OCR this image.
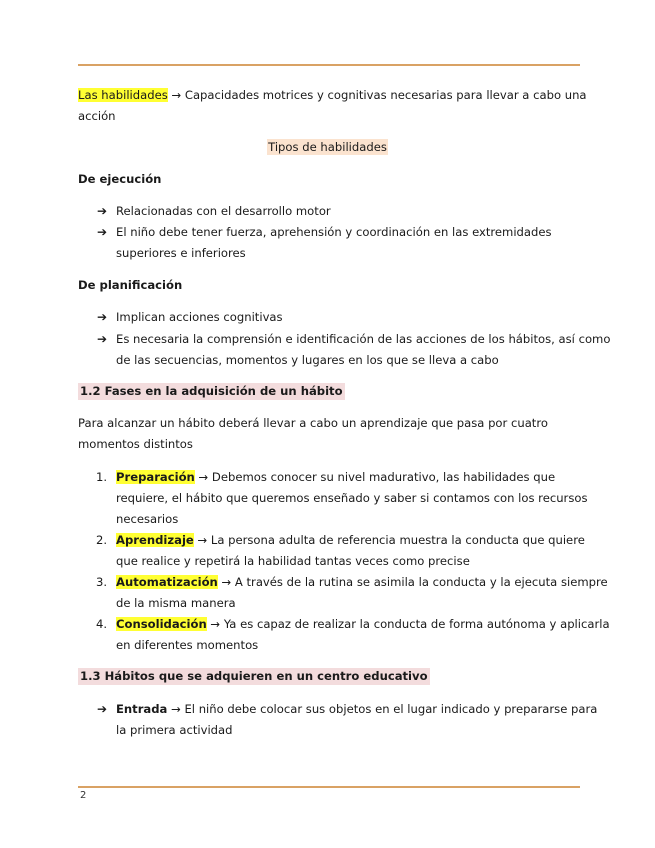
Las habilidades → Capacidades motrices y cognitivas necesarias para llevar a cabo una
acción
Tipos de habilidades
De ejecución
➔ Relacionadas con el desarrollo motor
➔ El niño debe tener fuerza, aprehensión y coordinación en las extremidades
superiores e inferiores
De planificación
➔ Implican acciones cognitivas
➔ Es necesaria la comprensión e identificación de las acciones de los hábitos, así como
de las secuencias, momentos y lugares en los que se lleva a cabo
1.2 Fases en la adquisición de un hábito
Para alcanzar un hábito deberá llevar a cabo un aprendizaje que pasa por cuatro
momentos distintos
1. Preparación → Debemos conocer su nivel madurativo, las habilidades que
requiere, el hábito que queremos enseñado y saber si contamos con los recursos
necesarios
2. Aprendizaje → La persona adulta de referencia muestra la conducta que quiere
que realice y repetirá la habilidad tantas veces como precise
3. Automatización → A través de la rutina se asimila la conducta y la ejecuta siempre
de la misma manera
4. Consolidación → Ya es capaz de realizar la conducta de forma autónoma y aplicarla
en diferentes momentos
1.3 Hábitos que se adquieren en un centro educativo
➔ Entrada → El niño debe colocar sus objetos en el lugar indicado y prepararse para
la primera actividad
2
